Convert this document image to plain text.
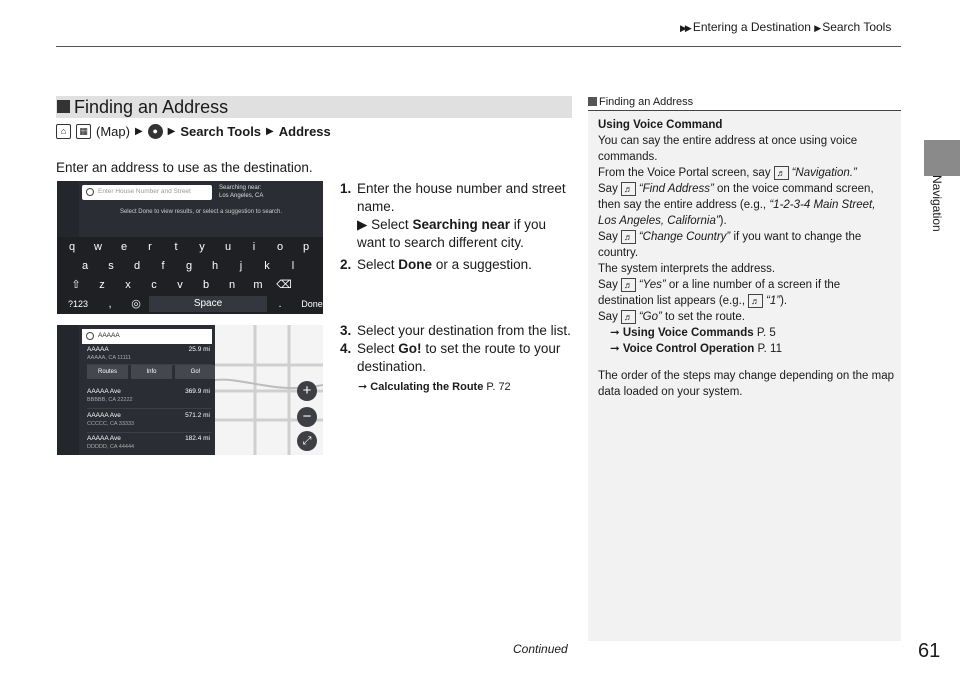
▶▶ Entering a Destination ▶ Search Tools
Navigation
Finding an Address
⌂	▦ (Map) ▶	● ▶ Search Tools ▶ Address
Enter an address to use as the destination.
Enter House Number and Street	Searching near:
Los Angeles, CA
Select Done to view results, or select a suggestion to search.
q	w	e	r	t	y	u	i	o	p
a	s	d	f	g	h	j	k	l
⇧	z	x	c	v	b	n	m	⌫
?123	,	◎	Space	.	Done
AAAAA
AAAAA
AAAAA, CA 11111
25.9 mi
Routes	Info	Go!
AAAAA Ave
BBBBB, CA 22222
369.9 mi
AAAAA Ave
CCCCC, CA 33333
571.2 mi
AAAAA Ave
DDDDD, CA 44444
182.4 mi
+
−
⤢
1. Enter the house number and street name.
▶ Select Searching near if you want to search different city.
2. Select Done or a suggestion.
3. Select your destination from the list.
4. Select Go! to set the route to your destination.
➞ Calculating the Route P. 72
Finding an Address
Using Voice Command
You can say the entire address at once using voice commands.
From the Voice Portal screen, say ♬ “Navigation.”
Say ♬ “Find Address” on the voice command screen, then say the entire address (e.g., “1-2-3-4 Main Street, Los Angeles, California”).
Say ♬ “Change Country” if you want to change the country.
The system interprets the address.
Say ♬ “Yes” or a line number of a screen if the destination list appears (e.g., ♬ “1”).
Say ♬ “Go” to set the route.
➞ Using Voice Commands P. 5
➞ Voice Control Operation P. 11
The order of the steps may change depending on the map data loaded on your system.
Continued	61
